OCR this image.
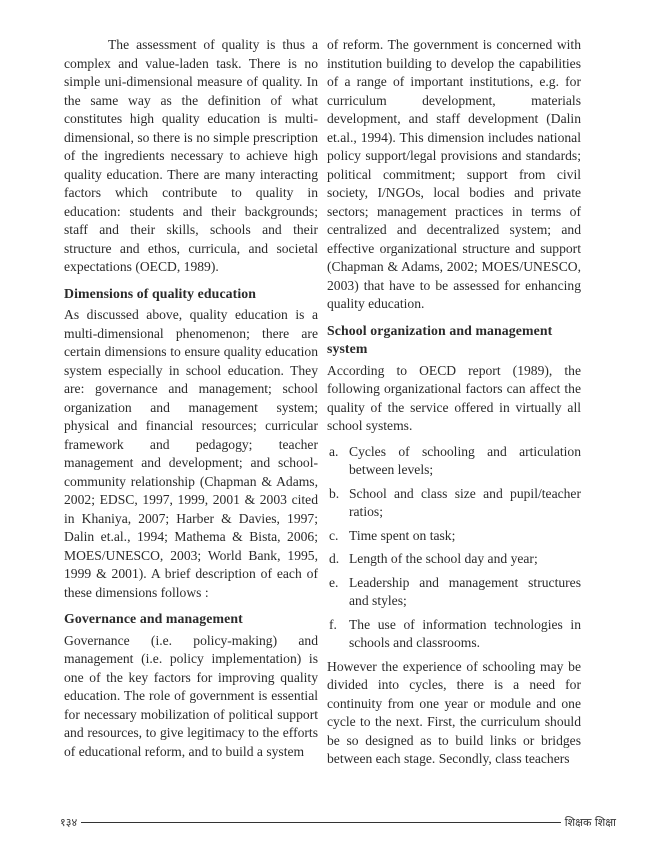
The assessment of quality is thus a complex and value-laden task. There is no simple uni-dimensional measure of quality. In the same way as the definition of what constitutes high quality education is multi-dimensional, so there is no simple prescription of the ingredients necessary to achieve high quality education. There are many interacting factors which contribute to quality in education: students and their backgrounds; staff and their skills, schools and their structure and ethos, curricula, and societal expectations (OECD, 1989).

Dimensions of quality education

As discussed above, quality education is a multi-dimensional phenomenon; there are certain dimensions to ensure quality education system especially in school education. They are: governance and management; school organization and management system; physical and financial resources; curricular framework and pedagogy; teacher management and development; and school-community relationship (Chapman & Adams, 2002; EDSC, 1997, 1999, 2001 & 2003 cited in Khaniya, 2007; Harber & Davies, 1997; Dalin et.al., 1994; Mathema & Bista, 2006; MOES/UNESCO, 2003; World Bank, 1995, 1999 & 2001). A brief description of each of these dimensions follows :

Governance and management

Governance (i.e. policy-making) and management (i.e. policy implementation) is one of the key factors for improving quality education. The role of government is essential for necessary mobilization of political support and resources, to give legitimacy to the efforts of educational reform, and to build a system

of reform. The government is concerned with institution building to develop the capabilities of a range of important institutions, e.g. for curriculum development, materials development, and staff development (Dalin et.al., 1994). This dimension includes national policy support/legal provisions and standards; political commitment; support from civil society, I/NGOs, local bodies and private sectors; management practices in terms of centralized and decentralized system; and effective organizational structure and support (Chapman & Adams, 2002; MOES/UNESCO, 2003) that have to be assessed for enhancing quality education.

School organization and management system

According to OECD report (1989), the following organizational factors can affect the quality of the service offered in virtually all school systems.

a. Cycles of schooling and articulation between levels;
b. School and class size and pupil/teacher ratios;
c. Time spent on task;
d. Length of the school day and year;
e. Leadership and management structures and styles;
f. The use of information technologies in schools and classrooms.

However the experience of schooling may be divided into cycles, there is a need for continuity from one year or module and one cycle to the next. First, the curriculum should be so designed as to build links or bridges between each stage. Secondly, class teachers

१३४	शिक्षक शिक्षा
